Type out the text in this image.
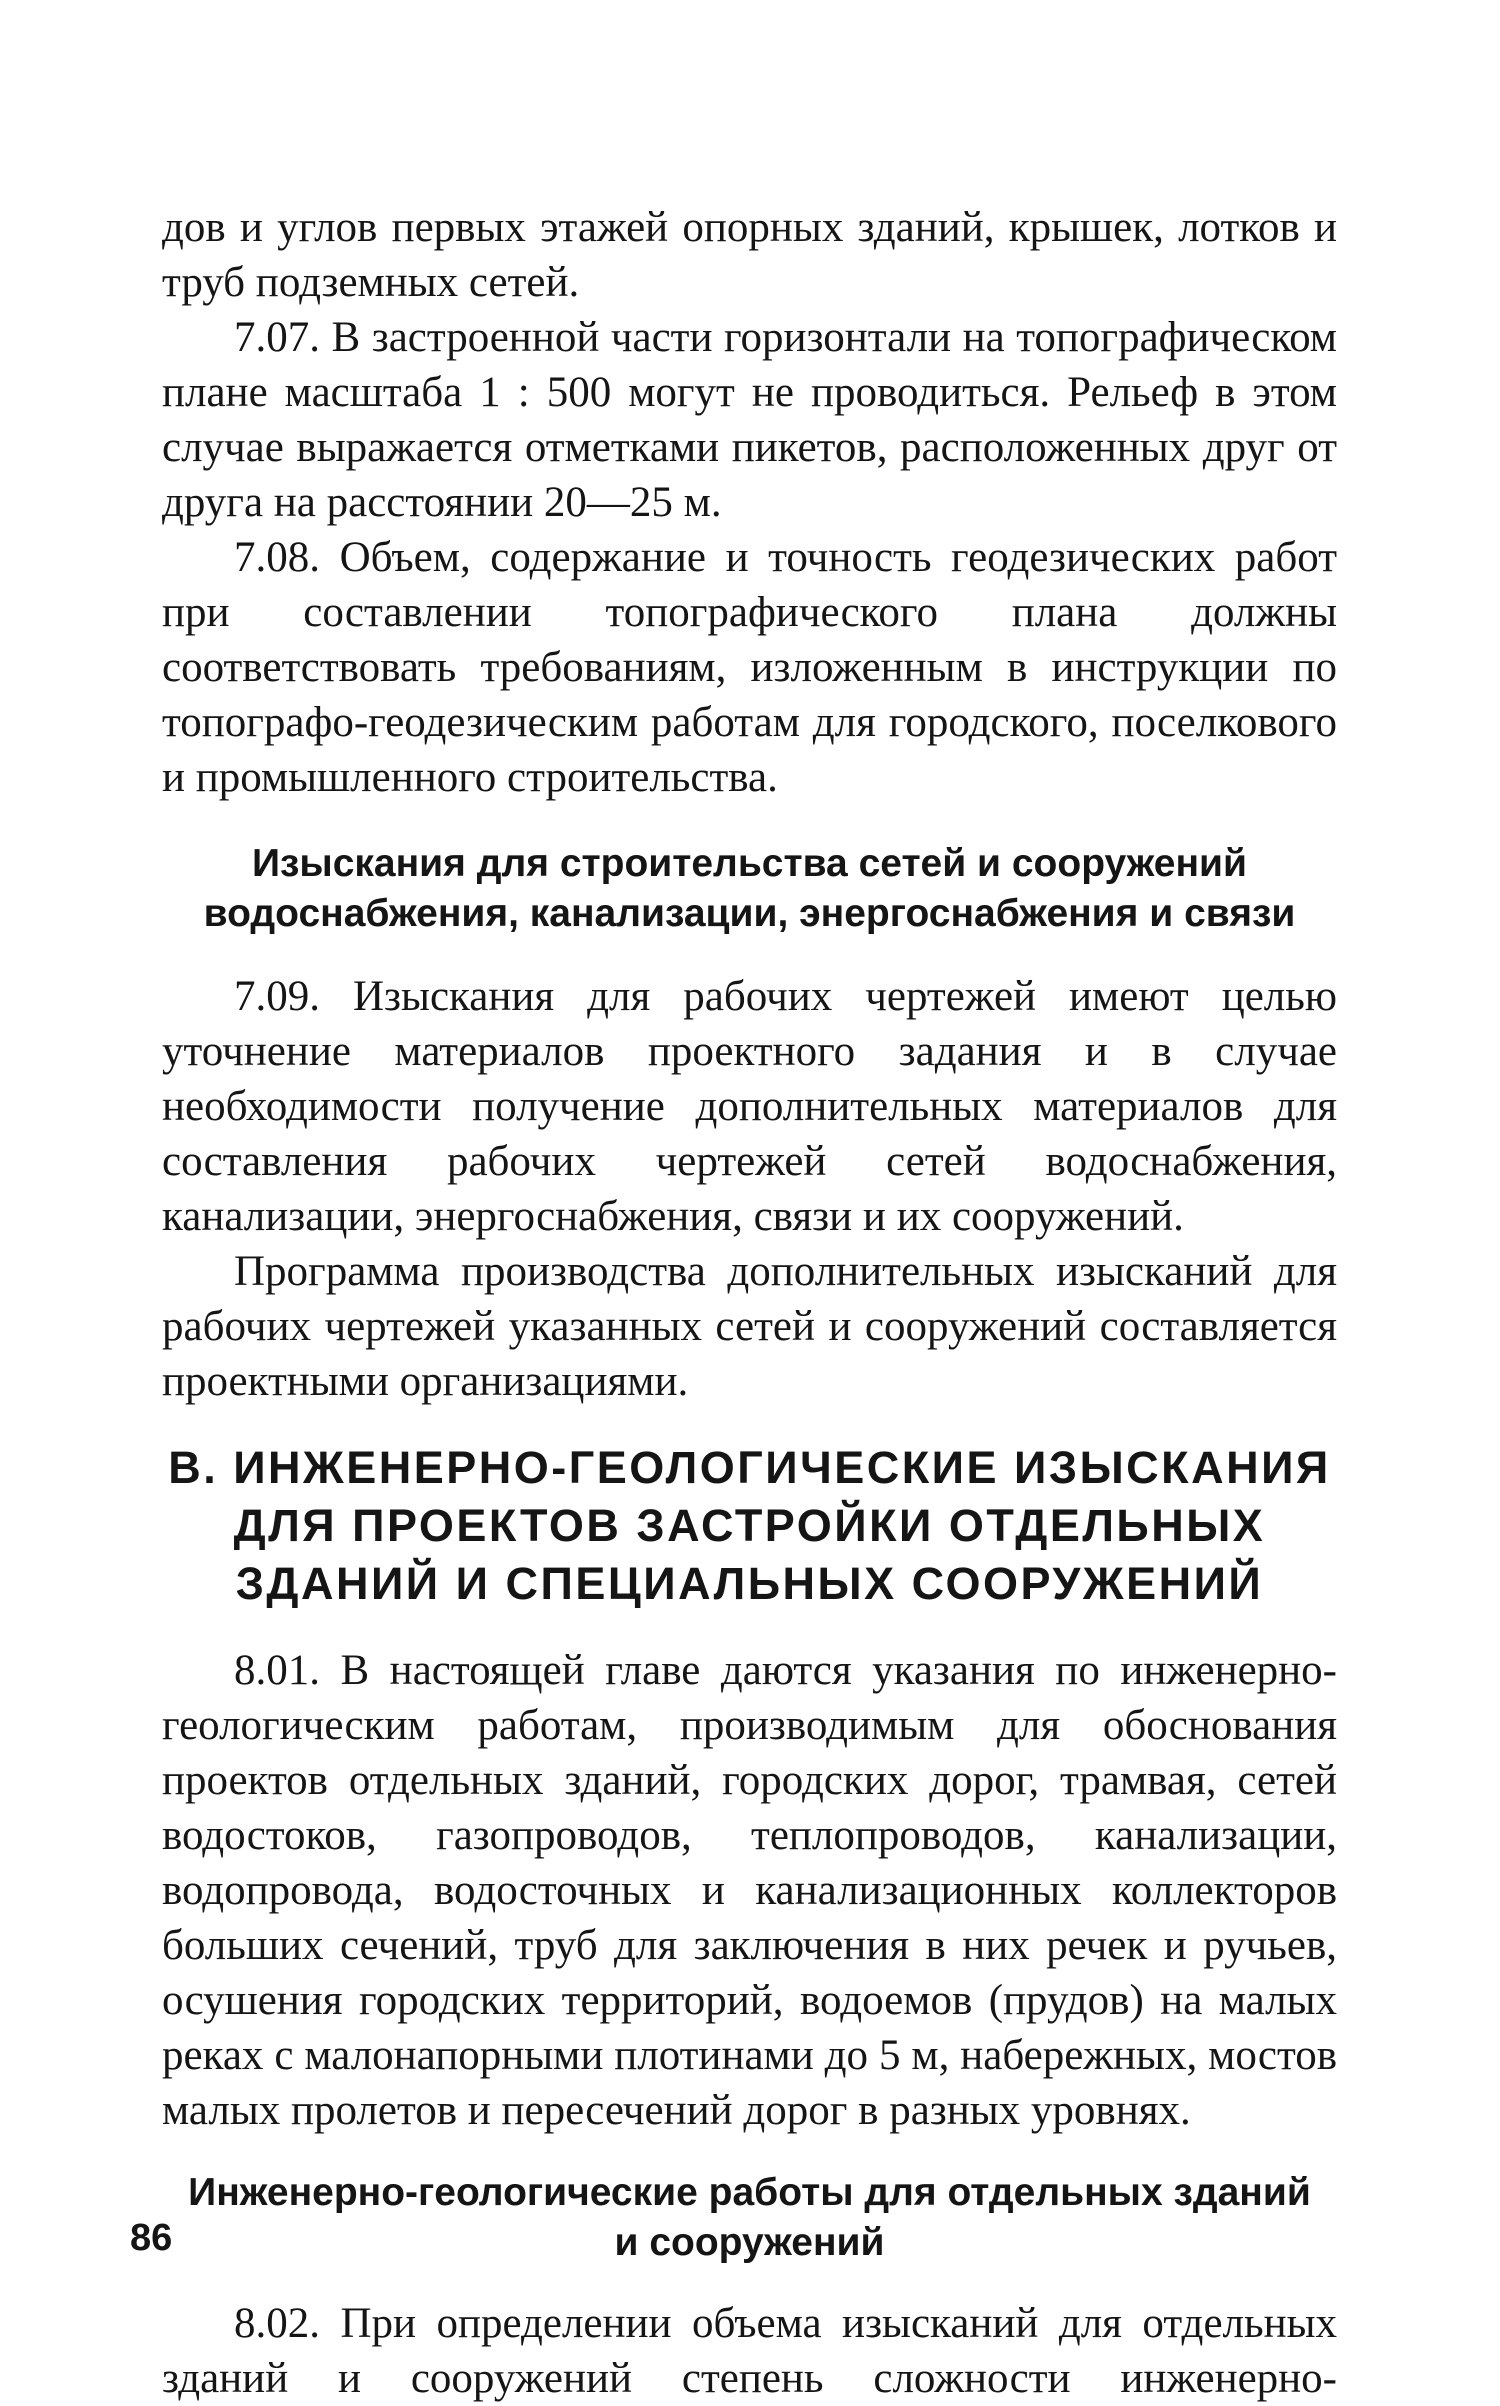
дов и углов первых этажей опорных зданий, крышек, лотков и труб подземных сетей.

7.07. В застроенной части горизонтали на топографическом плане масштаба 1 : 500 могут не проводиться. Рельеф в этом случае выражается отметками пикетов, расположенных друг от друга на расстоянии 20—25 м.

7.08. Объем, содержание и точность геодезических работ при составлении топографического плана должны соответствовать требованиям, изложенным в инструкции по топографо-геодезическим работам для городского, поселкового и промышленного строительства.

Изыскания для строительства сетей и сооружений
водоснабжения, канализации, энергоснабжения и связи

7.09. Изыскания для рабочих чертежей имеют целью уточнение материалов проектного задания и в случае необходимости получение дополнительных материалов для составления рабочих чертежей сетей водоснабжения, канализации, энергоснабжения, связи и их сооружений.

Программа производства дополнительных изысканий для рабочих чертежей указанных сетей и сооружений составляется проектными организациями.

В. ИНЖЕНЕРНО-ГЕОЛОГИЧЕСКИЕ ИЗЫСКАНИЯ
ДЛЯ ПРОЕКТОВ ЗАСТРОЙКИ ОТДЕЛЬНЫХ
ЗДАНИЙ И СПЕЦИАЛЬНЫХ СООРУЖЕНИЙ

8.01. В настоящей главе даются указания по инженерно-геологическим работам, производимым для обоснования проектов отдельных зданий, городских дорог, трамвая, сетей водостоков, газопроводов, теплопроводов, канализации, водопровода, водосточных и канализационных коллекторов больших сечений, труб для заключения в них речек и ручьев, осушения городских территорий, водоемов (прудов) на малых реках с малонапорными плотинами до 5 м, набережных, мостов малых пролетов и пересечений дорог в разных уровнях.

Инженерно-геологические работы для отдельных зданий
и сооружений

8.02. При определении объема изысканий для отдельных зданий и сооружений степень сложности инженерно-

86
